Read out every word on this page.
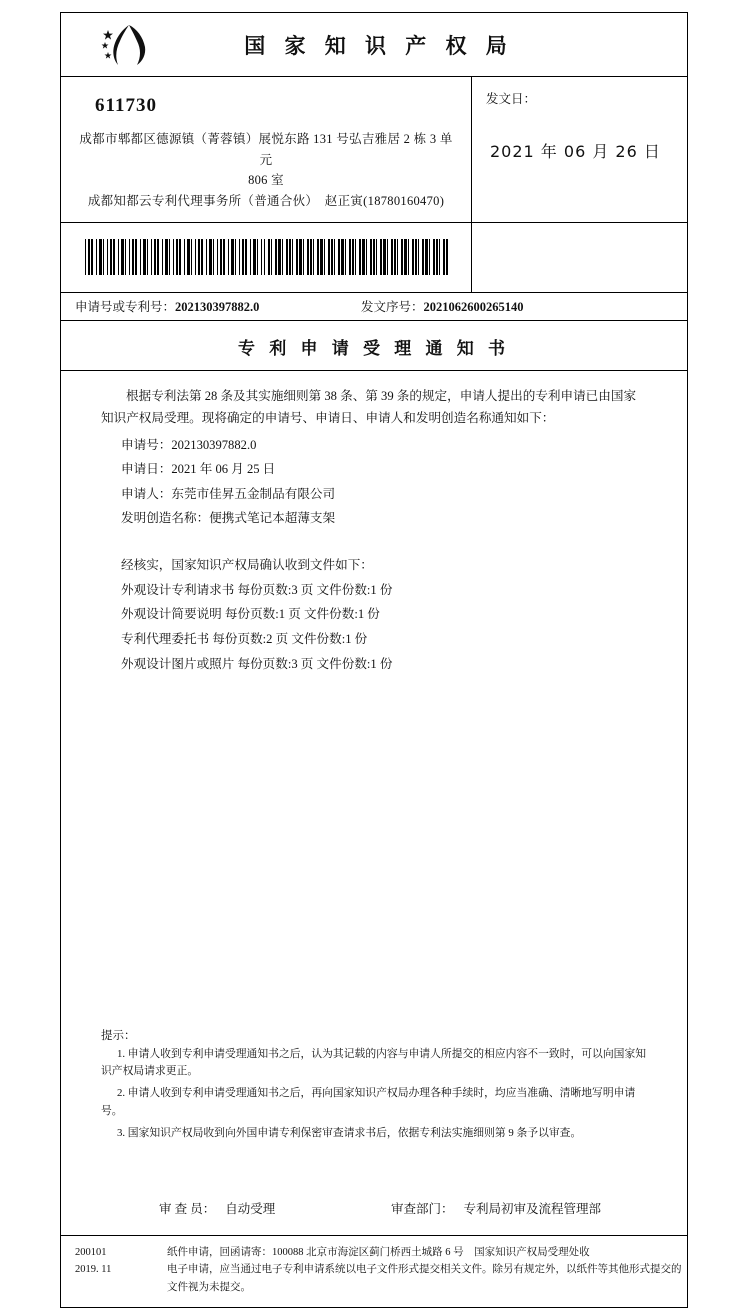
国 家 知 识 产 权 局
611730
成都市郫都区德源镇（菁蓉镇）展悦东路 131 号弘吉雅居 2 栋 3 单元
806 室
成都知都云专利代理事务所（普通合伙）　赵正寅(18780160470)
发文日：
2021 年 06 月 26 日
申请号或专利号：202130397882.0	发文序号：2021062600265140
专 利 申 请 受 理 通 知 书
根据专利法第 28 条及其实施细则第 38 条、第 39 条的规定，申请人提出的专利申请已由国家知识产权局受理。现将确定的申请号、申请日、申请人和发明创造名称通知如下：
申请号：202130397882.0
申请日：2021 年 06 月 25 日
申请人：东莞市佳昇五金制品有限公司
发明创造名称：便携式笔记本超薄支架
经核实，国家知识产权局确认收到文件如下：
外观设计专利请求书 每份页数:3 页 文件份数:1 份
外观设计简要说明 每份页数:1 页 文件份数:1 份
专利代理委托书 每份页数:2 页 文件份数:1 份
外观设计图片或照片 每份页数:3 页 文件份数:1 份
提示：
1. 申请人收到专利申请受理通知书之后，认为其记载的内容与申请人所提交的相应内容不一致时，可以向国家知识产权局请求更正。
2. 申请人收到专利申请受理通知书之后，再向国家知识产权局办理各种手续时，均应当准确、清晰地写明申请号。
3. 国家知识产权局收到向外国申请专利保密审查请求书后，依据专利法实施细则第 9 条予以审查。
审 查 员： 自动受理	审查部门： 专利局初审及流程管理部
200101
2019. 11
纸件申请，回函请寄：100088 北京市海淀区蓟门桥西土城路 6 号　国家知识产权局受理处收
电子申请，应当通过电子专利申请系统以电子文件形式提交相关文件。除另有规定外，以纸件等其他形式提交的
文件视为未提交。
